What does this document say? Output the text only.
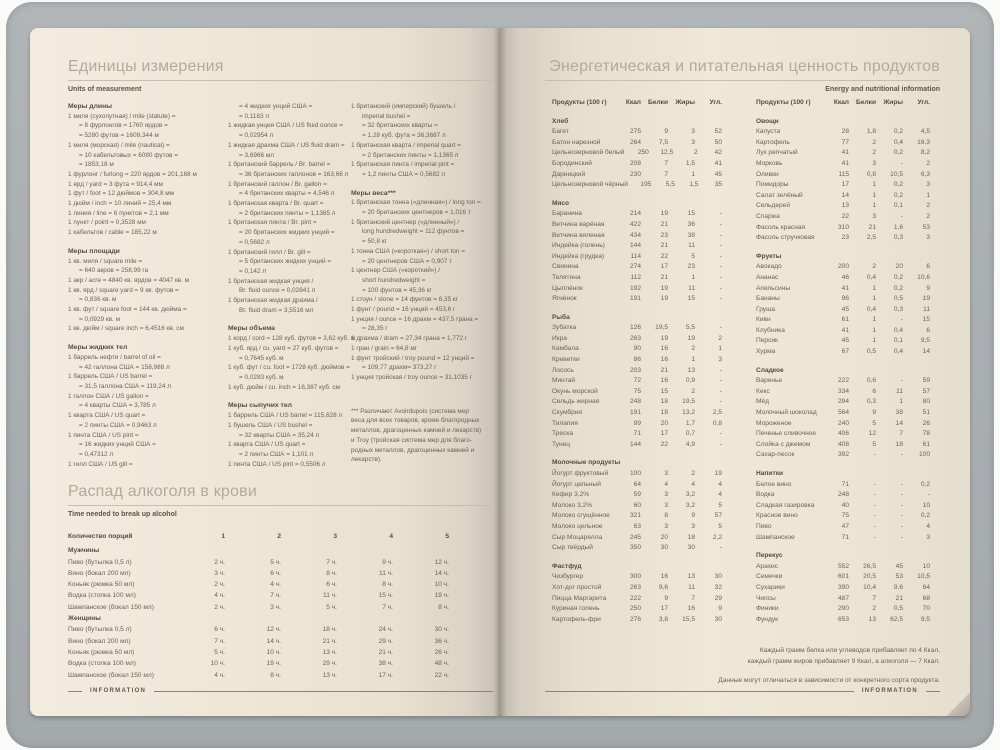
Единицы измерения
Units of measurement
Меры длины
1 миля (сухопутная) / mile (statute) =
= 8 фурлонгов = 1760 ярдов =
= 5280 футов = 1609,344 м
1 миля (морская) / mile (nautical) =
= 10 кабельтовых = 6080 футов =
= 1853,18 м
1 фурлонг / furlong = 220 ярдов = 201,168 м
1 ярд / yard = 3 фута = 914,4 мм
1 фут / foot = 12 дюймов = 304,8 мм
1 дюйм / inch = 10 линий = 25,4 мм
1 линия / line = 6 пунктов = 2,1 мм
1 пункт / point = 0,3528 мм
1 кабельтов / cable = 185,22 м
Меры площади
1 кв. миля / square mile =
= 640 акров = 258,99 га
1 акр / acre = 4840 кв. ярдов = 4047 кв. м
1 кв. ярд / square yard = 9 кв. футов =
= 0,836 кв. м
1 кв. фут / square foot = 144 кв. дюйма =
= 0,0929 кв. м
1 кв. дюйм / square inch = 6,4516 кв. см
Меры жидких тел
1 баррель нефти / barrel of oil =
= 42 галлона США = 158,988 л
1 баррель США / US barrel =
= 31,5 галлона США = 119,24 л
1 галлон США / US gallon =
= 4 кварты США = 3,785 л
1 кварта США / US quart =
= 2 пинты США = 0,9463 л
1 пинта США / US pint =
= 16 жидких унций США =
= 0,47312 л
1 гилл США / US gill =
= 4 жидких унций США =
= 0,1183 л
1 жидкая унция США / US fluid ounce =
= 0,02954 л
1 жидкая драхма США / US fluid dram =
= 3,6966 мл
1 британский баррель / Br. barrel =
= 36 британских галлонов = 163,66 л
1 британский галлон / Br. gallon =
= 4 британских кварты = 4,546 л
1 британская кварта / Br. quart =
= 2 британских пинты = 1,1365 л
1 британская пинта / Br. pint =
= 20 британских жидких унций =
= 0,5682 л
1 британский гилл / Br. gill =
= 5 британских жидких унций =
= 0,142 л
1 британская жидкая унция /
Br. fluid ounce = 0,02841 л
1 британская жидкая драхма /
Br. fluid dram = 3,5516 мл
Меры объема
1 корд / cord = 128 куб. футов = 3,62 куб. м
1 куб. ярд / cu. yard = 27 куб. футов =
= 0,7645 куб. м
1 куб. фут / cu. foot = 1728 куб. дюймов =
= 0,0283 куб. м
1 куб. дюйм / cu. inch = 16,387 куб. см
Меры сыпучих тел
1 баррель США / US barrel = 115,628 л
1 бушель США / US bushel =
= 32 кварты США = 35,24 л
1 кварта США / US quart =
= 2 пинты США = 1,101 л
1 пинта США / US pint = 0,5506 л
1 британский (имперский) бушель /
imperial bushel =
= 32 британских кварты =
= 1,28 куб. фута = 36,3687 л
1 британская кварта / imperial quart =
= 2 британских пинты = 1,1365 л
1 британская пинта / imperial pint =
= 1,2 пинты США = 0,5682 л
Меры веса***
1 британская тонна («длинная») / long ton =
= 20 британских центнеров = 1,016 т
1 британский центнер («длинный») /
long hundredweight = 112 фунтов =
= 50,8 кг
1 тонна США («короткая») / short ton =
= 20 центнеров США = 0,907 т
1 центнер США («короткий») /
short hundredweight =
= 100 фунтов = 45,36 кг
1 стоун / stone = 14 фунтов = 6,35 кг
1 фунт / pound = 16 унций = 453,6 г
1 унция / ounce = 16 драхм = 437,5 грана =
= 28,35 г
1 драхма / dram = 27,34 грана = 1,772 г
1 гран / grain = 64,8 мг
1 фунт тройский / troy pound = 12 унций =
= 109,77 драхм= 373,27 г
1 унция тройская / troy ounce = 31,1035 г
*** Различают Avoirdupois (система мер
веса для всех товаров, кроме благородных
металлов, драгоценных камней и лекарств)
и Troy (тройская система мер для благо-
родных металлов, драгоценных камней и
лекарств).
Распад алкоголя в крови
Time needed to break up alcohol
Количество порций	1	2	3	4	5
Мужчины
Пиво (бутылка 0,5 л)	2 ч.	5 ч.	7 ч.	9 ч.	12 ч.
Вино (бокал 200 мл)	3 ч.	6 ч.	8 ч.	11 ч.	14 ч.
Коньяк (рюмка 50 мл)	2 ч.	4 ч.	6 ч.	8 ч.	10 ч.
Водка (стопка 100 мл)	4 ч.	7 ч.	11 ч.	15 ч.	19 ч.
Шампанское (бокал 150 мл)	2 ч.	3 ч.	5 ч.	7 ч.	8 ч.
Женщины
Пиво (бутылка 0,5 л)	6 ч.	12 ч.	18 ч.	24 ч.	30 ч.
Вино (бокал 200 мл)	7 ч.	14 ч.	21 ч.	29 ч.	36 ч.
Коньяк (рюмка 50 мл)	5 ч.	10 ч.	13 ч.	21 ч.	26 ч.
Водка (стопка 100 мл)	10 ч.	19 ч.	29 ч.	38 ч.	48 ч.
Шампанское (бокал 150 мл)	4 ч.	8 ч.	13 ч.	17 ч.	22 ч.
INFORMATION
Энергетическая и питательная ценность продуктов
Energy and nutritional information
Продукты (100 г)	Ккал	Белки	Жиры	Угл.
Хлеб
Багет	275	9	3	52
Батон нарезной	264	7,5	3	50
Цельнозерновой белый	250	12,5	2	42
Бородинский	208	7	1,5	41
Дарницкий	230	7	1	45
Цельнозерновой чёрный	195	5,5	1,5	35
Мясо
Баранина	214	19	15	-
Ветчина варёная	422	21	36	-
Ветчина вяленая	434	23	38	-
Индейка (голень)	144	21	11	-
Индейка (грудка)	114	22	5	-
Свинина	274	17	23	-
Телятина	112	21	1	-
Цыплёнок	192	19	11	-
Ягнёнок	191	19	15	-
Рыба
Зубатка	126	19,5	5,5	-
Икра	263	19	19	2
Камбала	90	16	2	1
Креветки	86	16	1	3
Лосось	203	21	13	-
Минтай	72	16	0,9	-
Окунь морской	75	15	2	-
Сельдь жирная	248	18	19,5	-
Скумбрия	191	18	13,2	2,5
Тилапия	99	20	1,7	0,8
Треска	71	17	0,7	-
Тунец	144	22	4,9	-
Молочные продукты
Йогурт фруктовый	100	3	2	19
Йогурт цельный	64	4	4	4
Кефир 3,2%	59	3	3,2	4
Молоко 3,2%	60	3	3,2	5
Молоко сгущённое	321	8	9	57
Молоко цельное	63	3	3	5
Сыр Моцарелла	245	20	18	2,2
Сыр твёрдый	350	30	30	-
Фастфуд
Чизбургер	300	16	13	30
Хот-дог простой	263	9,6	11	32
Пицца Маргарита	222	9	7	29
Куриная голень	250	17	16	9
Картофель-фри	276	3,8	15,5	30
Продукты (100 г)	Ккал	Белки	Жиры	Угл.
Овощи
Капуста	28	1,8	0,2	4,5
Картофель	77	2	0,4	16,3
Лук репчатый	41	2	0,2	8,2
Морковь	41	3	-	2
Оливки	115	0,8	10,5	6,3
Помидоры	17	1	0,2	3
Салат зелёный	14	1	0,2	1
Сельдерей	13	1	0,1	2
Спаржа	22	3	-	2
Фасоль красная	310	21	1,6	53
Фасоль стручковая	23	2,5	0,3	3
Фрукты
Авокадо	200	2	20	6
Ананас	46	0,4	0,2	10,6
Апельсины	41	1	0,2	9
Бананы	96	1	0,5	19
Груша	45	0,4	0,3	11
Киви	61	1	-	15
Клубника	41	1	0,4	6
Персик	45	1	0,1	9,5
Хурма	67	0,5	0,4	14
Сладкое
Варенье	222	0,6	-	59
Кекс	334	6	11	57
Мёд	294	0,3	1	80
Молочный шоколад	564	9	38	51
Мороженое	240	5	14	26
Печенье сливочное	406	12	7	78
Слойка с джемом	408	5	18	61
Сахар-песок	392	-	-	100
Напитки
Белое вино	71	-	-	0,2
Водка	248	-	-	-
Сладкая газировка	40	-	-	10
Красное вино	75	-	-	0,2
Пиво	47	-	-	4
Шампанское	71	-	-	3
Перекус
Арахис	552	26,5	45	10
Семечки	601	20,5	53	10,5
Сухарики	390	10,4	9,6	64
Чипсы	487	7	21	68
Финики	290	2	0,5	70
Фундук	653	13	62,5	9,5
Каждый грамм белка или углеводов прибавляет по 4 Ккал,
каждый грамм жиров прибавляет 9 Ккал, а алкоголя — 7 Ккал.
Данные могут отличаться в зависимости от конкретного сорта продукта.
INFORMATION
